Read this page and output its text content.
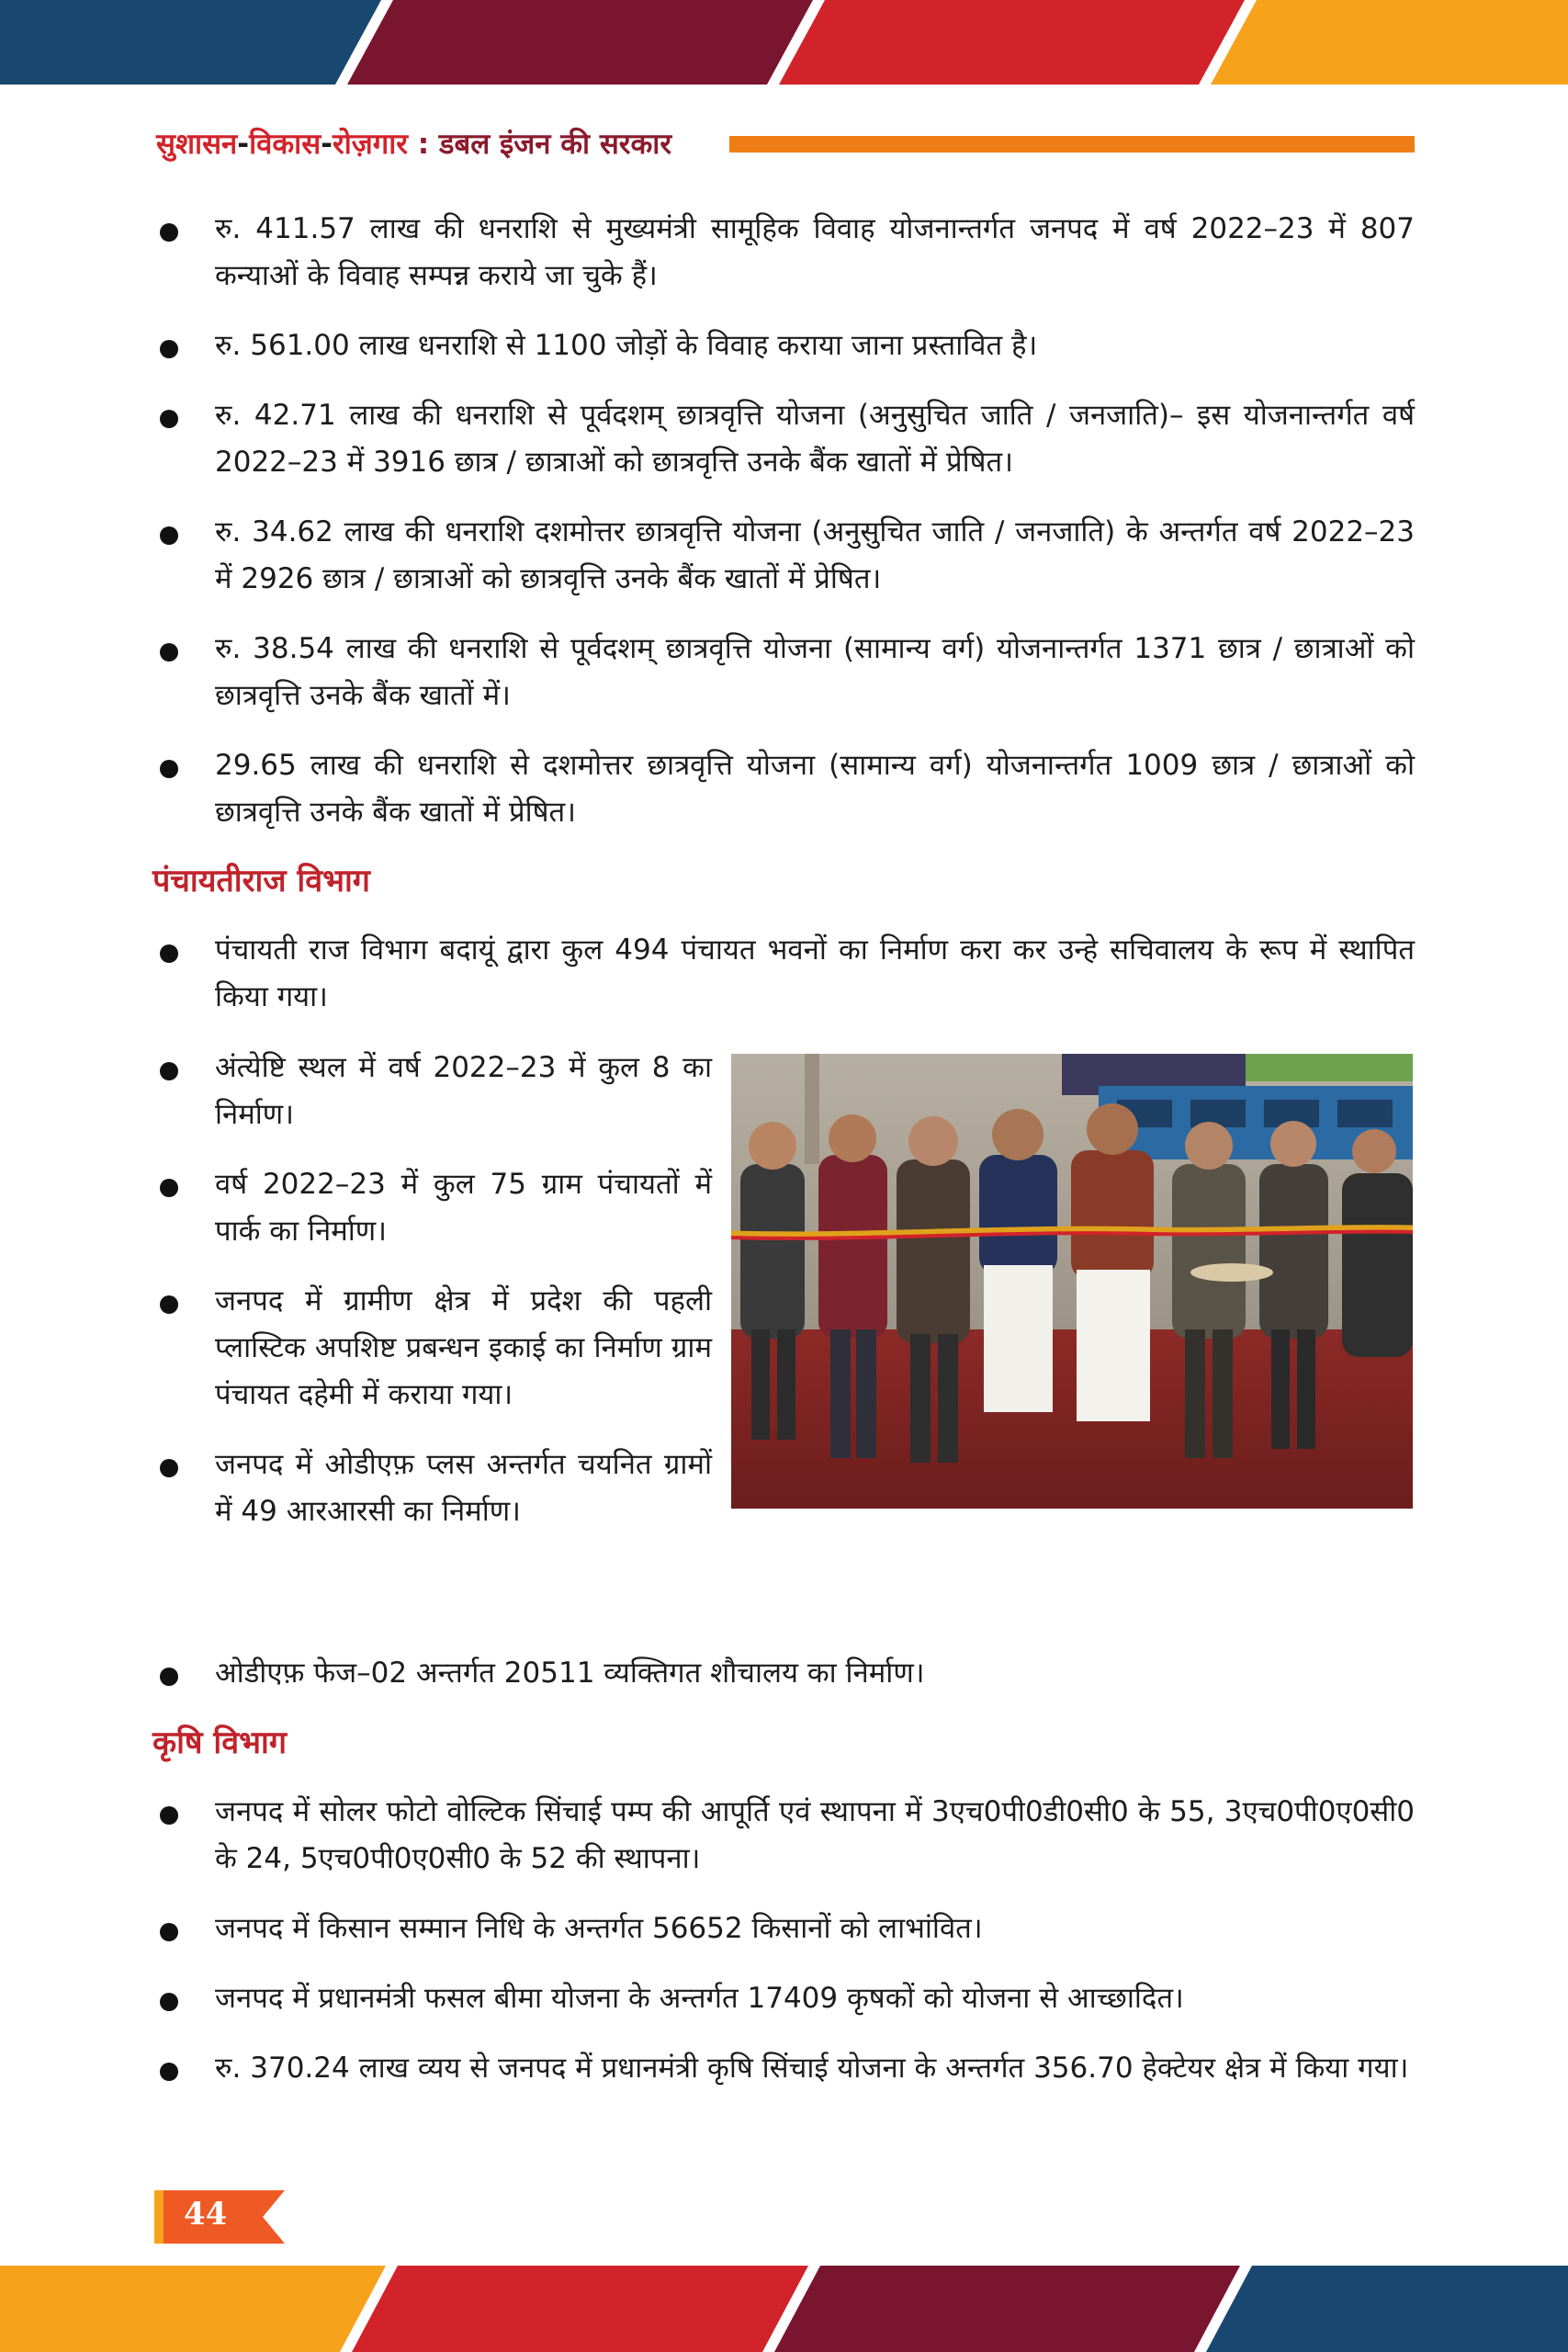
सुशासन-विकास-रोज़गार : डबल इंजन की सरकार
रु. 411.57 लाख की धनराशि से मुख्यमंत्री सामूहिक विवाह योजनान्तर्गत जनपद में वर्ष 2022–23 में 807 कन्याओं के विवाह सम्पन्न कराये जा चुके हैं।
रु. 561.00 लाख धनराशि से 1100 जोड़ों के विवाह कराया जाना प्रस्तावित है।
रु. 42.71 लाख की धनराशि से पूर्वदशम् छात्रवृत्ति योजना (अनुसुचित जाति / जनजाति)– इस योजनान्तर्गत वर्ष 2022–23 में 3916 छात्र / छात्राओं को छात्रवृत्ति उनके बैंक खातों में प्रेषित।
रु. 34.62 लाख की धनराशि दशमोत्तर छात्रवृत्ति योजना (अनुसुचित जाति / जनजाति) के अन्तर्गत वर्ष 2022–23 में 2926 छात्र / छात्राओं को छात्रवृत्ति उनके बैंक खातों में प्रेषित।
रु. 38.54 लाख की धनराशि से पूर्वदशम् छात्रवृत्ति योजना (सामान्य वर्ग) योजनान्तर्गत 1371 छात्र / छात्राओं को छात्रवृत्ति उनके बैंक खातों में।
29.65 लाख की धनराशि से दशमोत्तर छात्रवृत्ति योजना (सामान्य वर्ग) योजनान्तर्गत 1009 छात्र / छात्राओं को छात्रवृत्ति उनके बैंक खातों में प्रेषित।
पंचायतीराज विभाग
पंचायती राज विभाग बदायूं द्वारा कुल 494 पंचायत भवनों का निर्माण करा कर उन्हे सचिवालय के रूप में स्थापित किया गया।
अंत्येष्टि स्थल में वर्ष 2022–23 में कुल 8 का निर्माण।
वर्ष 2022–23 में कुल 75 ग्राम पंचायतों में पार्क का निर्माण।
जनपद में ग्रामीण क्षेत्र में प्रदेश की पहली प्लास्टिक अपशिष्ट प्रबन्धन इकाई का निर्माण ग्राम पंचायत दहेमी में कराया गया।
जनपद में ओडीएफ़ प्लस अन्तर्गत चयनित ग्रामों में 49 आरआरसी का निर्माण।
ओडीएफ़ फेज–02 अन्तर्गत 20511 व्यक्तिगत शौचालय का निर्माण।
कृषि विभाग
जनपद में सोलर फोटो वोल्टिक सिंचाई पम्प की आपूर्ति एवं स्थापना में 3एच0पी0डी0सी0 के 55, 3एच0पी0ए0सी0 के 24, 5एच0पी0ए0सी0 के 52 की स्थापना।
जनपद में किसान सम्मान निधि के अन्तर्गत 56652 किसानों को लाभांवित।
जनपद में प्रधानमंत्री फसल बीमा योजना के अन्तर्गत 17409 कृषकों को योजना से आच्छादित।
रु. 370.24 लाख व्यय से जनपद में प्रधानमंत्री कृषि सिंचाई योजना के अन्तर्गत 356.70 हेक्टेयर क्षेत्र में किया गया।
44
